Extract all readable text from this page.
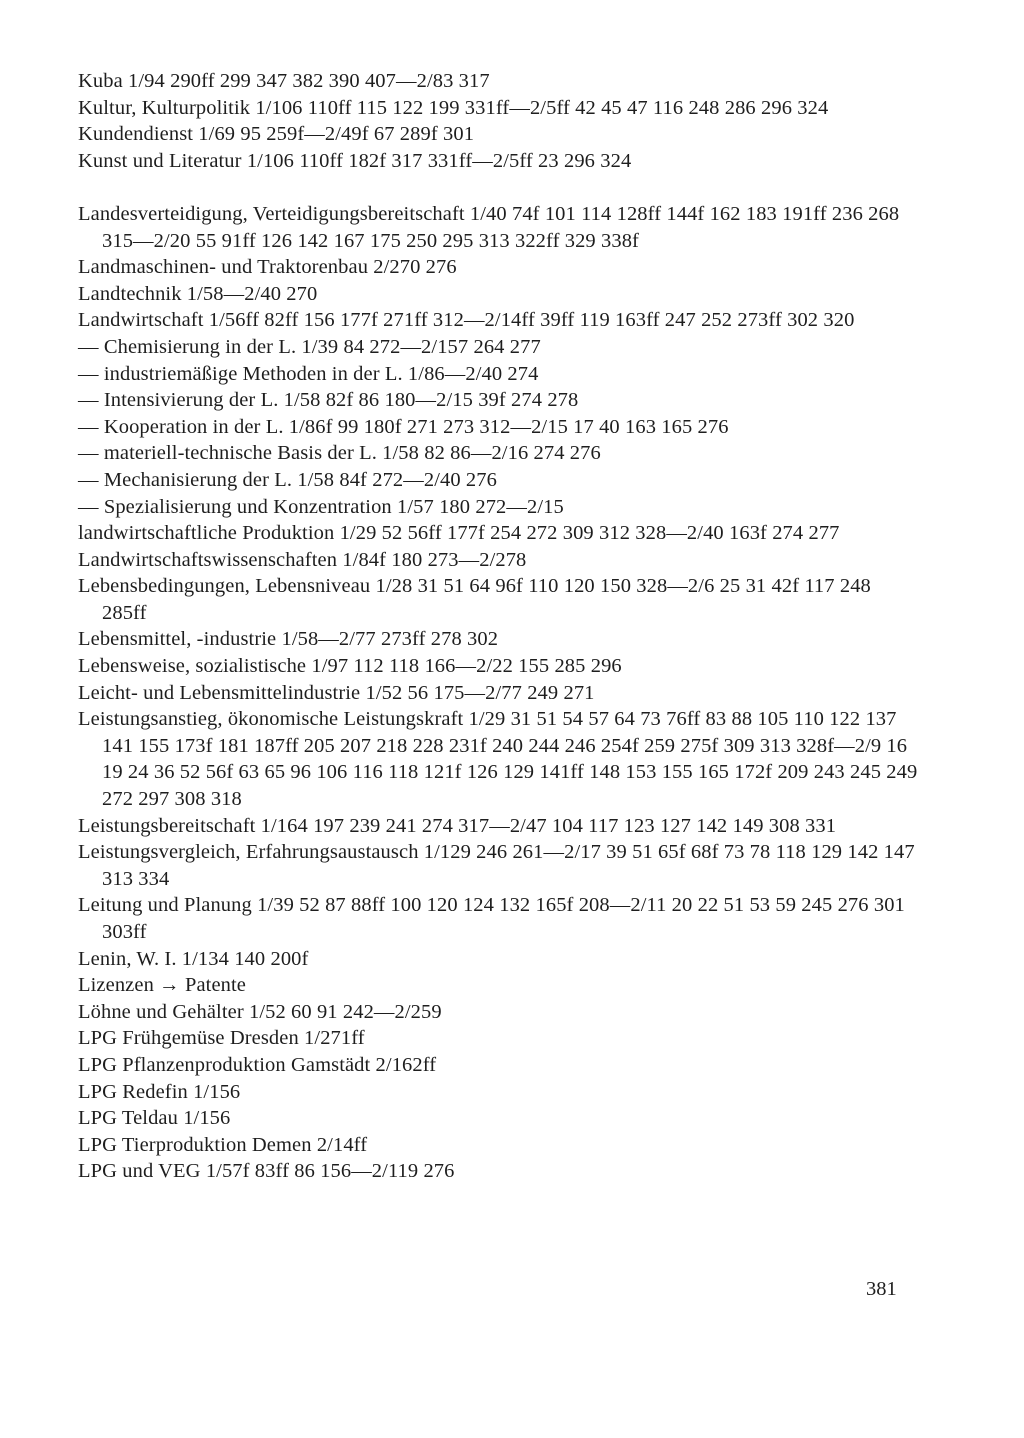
Kuba 1/94 290ff 299 347 382 390 407—2/83 317
Kultur, Kulturpolitik 1/106 110ff 115 122 199 331ff—2/5ff 42 45 47 116 248 286 296 324
Kundendienst 1/69 95 259f—2/49f 67 289f 301
Kunst und Literatur 1/106 110ff 182f 317 331ff—2/5ff 23 296 324
Landesverteidigung, Verteidigungsbereitschaft 1/40 74f 101 114 128ff 144f 162 183 191ff 236 268 315—2/20 55 91ff 126 142 167 175 250 295 313 322ff 329 338f
Landmaschinen- und Traktorenbau 2/270 276
Landtechnik 1/58—2/40 270
Landwirtschaft 1/56ff 82ff 156 177f 271ff 312—2/14ff 39ff 119 163ff 247 252 273ff 302 320
— Chemisierung in der L. 1/39 84 272—2/157 264 277
— industriemäßige Methoden in der L. 1/86—2/40 274
— Intensivierung der L. 1/58 82f 86 180—2/15 39f 274 278
— Kooperation in der L. 1/86f 99 180f 271 273 312—2/15 17 40 163 165 276
— materiell-technische Basis der L. 1/58 82 86—2/16 274 276
— Mechanisierung der L. 1/58 84f 272—2/40 276
— Spezialisierung und Konzentration 1/57 180 272—2/15
landwirtschaftliche Produktion 1/29 52 56ff 177f 254 272 309 312 328—2/40 163f 274 277
Landwirtschaftswissenschaften 1/84f 180 273—2/278
Lebensbedingungen, Lebensniveau 1/28 31 51 64 96f 110 120 150 328—2/6 25 31 42f 117 248 285ff
Lebensmittel, -industrie 1/58—2/77 273ff 278 302
Lebensweise, sozialistische 1/97 112 118 166—2/22 155 285 296
Leicht- und Lebensmittelindustrie 1/52 56 175—2/77 249 271
Leistungsanstieg, ökonomische Leistungskraft 1/29 31 51 54 57 64 73 76ff 83 88 105 110 122 137 141 155 173f 181 187ff 205 207 218 228 231f 240 244 246 254f 259 275f 309 313 328f—2/9 16 19 24 36 52 56f 63 65 96 106 116 118 121f 126 129 141ff 148 153 155 165 172f 209 243 245 249 272 297 308 318
Leistungsbereitschaft 1/164 197 239 241 274 317—2/47 104 117 123 127 142 149 308 331
Leistungsvergleich, Erfahrungsaustausch 1/129 246 261—2/17 39 51 65f 68f 73 78 118 129 142 147 313 334
Leitung und Planung 1/39 52 87 88ff 100 120 124 132 165f 208—2/11 20 22 51 53 59 245 276 301 303ff
Lenin, W. I. 1/134 140 200f
Lizenzen → Patente
Löhne und Gehälter 1/52 60 91 242—2/259
LPG Frühgemüse Dresden 1/271ff
LPG Pflanzenproduktion Gamstädt 2/162ff
LPG Redefin 1/156
LPG Teldau 1/156
LPG Tierproduktion Demen 2/14ff
LPG und VEG 1/57f 83ff 86 156—2/119 276
381
